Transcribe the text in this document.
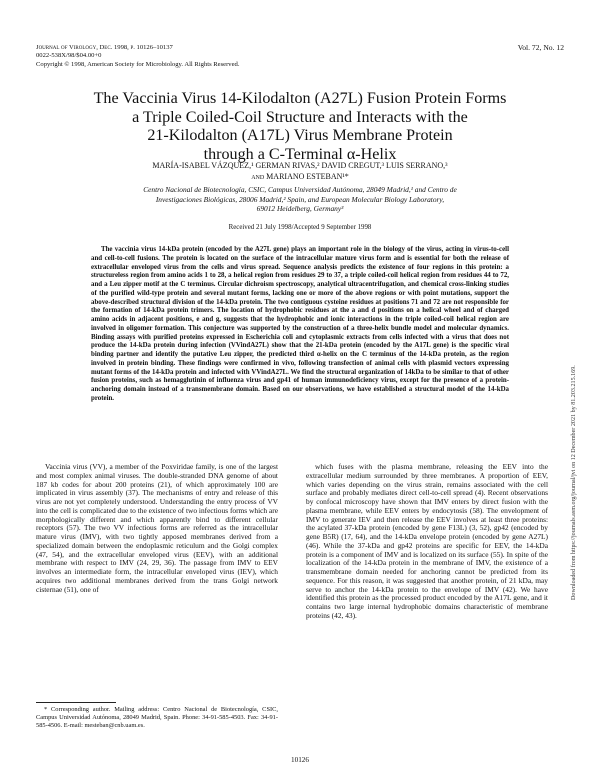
Journal of Virology, Dec. 1998, p. 10126–10137
0022-538X/98/$04.00+0
Copyright © 1998, American Society for Microbiology. All Rights Reserved.
Vol. 72, No. 12
The Vaccinia Virus 14-Kilodalton (A27L) Fusion Protein Forms
a Triple Coiled-Coil Structure and Interacts with the
21-Kilodalton (A17L) Virus Membrane Protein
through a C-Terminal α-Helix
MARÍA-ISABEL VÁZQUEZ,¹ GERMAN RIVAS,² DAVID CREGUT,³ LUIS SERRANO,³
and MARIANO ESTEBAN¹*
Centro Nacional de Biotecnología, CSIC, Campus Universidad Autónoma, 28049 Madrid,¹ and Centro de
Investigaciones Biológicas, 28006 Madrid,² Spain, and European Molecular Biology Laboratory,
69012 Heidelberg, Germany³
Received 21 July 1998/Accepted 9 September 1998

The vaccinia virus 14-kDa protein (encoded by the A27L gene) plays an important role in the biology of the virus, acting in virus-to-cell and cell-to-cell fusions. The protein is located on the surface of the intracellular mature virus form and is essential for both the release of extracellular enveloped virus from the cells and virus spread. Sequence analysis predicts the existence of four regions in this protein: a structureless region from amino acids 1 to 28, a helical region from residues 29 to 37, a triple coiled-coil helical region from residues 44 to 72, and a Leu zipper motif at the C terminus. Circular dichroism spectroscopy, analytical ultracentrifugation, and chemical cross-linking studies of the purified wild-type protein and several mutant forms, lacking one or more of the above regions or with point mutations, support the above-described structural division of the 14-kDa protein. The two contiguous cysteine residues at positions 71 and 72 are not responsible for the formation of 14-kDa protein trimers. The location of hydrophobic residues at the a and d positions on a helical wheel and of charged amino acids in adjacent positions, e and g, suggests that the hydrophobic and ionic interactions in the triple coiled-coil helical region are involved in oligomer formation. This conjecture was supported by the construction of a three-helix bundle model and molecular dynamics. Binding assays with purified proteins expressed in Escherichia coli and cytoplasmic extracts from cells infected with a virus that does not produce the 14-kDa protein during infection (VVindA27L) show that the 21-kDa protein (encoded by the A17L gene) is the specific viral binding partner and identify the putative Leu zipper, the predicted third α-helix on the C terminus of the 14-kDa protein, as the region involved in protein binding. These findings were confirmed in vivo, following transfection of animal cells with plasmid vectors expressing mutant forms of the 14-kDa protein and infected with VVindA27L. We find the structural organization of 14kDa to be similar to that of other fusion proteins, such as hemagglutinin of influenza virus and gp41 of human immunodeficiency virus, except for the presence of a protein-anchoring domain instead of a transmembrane domain. Based on our observations, we have established a structural model of the 14-kDa protein.

Vaccinia virus (VV), a member of the Poxviridae family, is one of the largest and most complex animal viruses. The double-stranded DNA genome of about 187 kb codes for about 200 proteins (21), of which approximately 100 are implicated in virus assembly (37). The mechanisms of entry and release of this virus are not yet completely understood. Understanding the entry process of VV into the cell is complicated due to the existence of two infectious forms which are morphologically different and which apparently bind to different cellular receptors (57). The two VV infectious forms are referred as the intracellular mature virus (IMV), with two tightly apposed membranes derived from a specialized domain between the endoplasmic reticulum and the Golgi complex (47, 54), and the extracellular enveloped virus (EEV), with an additional membrane with respect to IMV (24, 29, 36). The passage from IMV to EEV involves an intermediate form, the intracellular enveloped virus (IEV), which acquires two additional membranes derived from the trans Golgi network cisternae (51), one of

which fuses with the plasma membrane, releasing the EEV into the extracellular medium surrounded by three membranes. A proportion of EEV, which varies depending on the virus strain, remains associated with the cell surface and probably mediates direct cell-to-cell spread (4). Recent observations by confocal microscopy have shown that IMV enters by direct fusion with the plasma membrane, while EEV enters by endocytosis (58). The envelopment of IMV to generate IEV and then release the EEV involves at least three proteins: the acylated 37-kDa protein (encoded by gene F13L) (3, 52), gp42 (encoded by gene B5R) (17, 64), and the 14-kDa envelope protein (encoded by gene A27L) (46). While the 37-kDa and gp42 proteins are specific for EEV, the 14-kDa protein is a component of IMV and is localized on its surface (55). In spite of the localization of the 14-kDa protein in the membrane of IMV, the existence of a transmembrane domain needed for anchoring cannot be predicted from its sequence. For this reason, it was suggested that another protein, of 21 kDa, may serve to anchor the 14-kDa protein to the envelope of IMV (42). We have identified this protein as the processed product encoded by the A17L gene, and it contains two large internal hydrophobic domains characteristic of membrane proteins (42, 43).

* Corresponding author. Mailing address: Centro Nacional de Biotecnología, CSIC, Campus Universidad Autónoma, 28049 Madrid, Spain. Phone: 34-91-585-4503. Fax: 34-91-585-4506. E-mail: mesteban@cnb.uam.es.
10126
Downloaded from https://journals.asm.org/journal/jvi on 12 December 2021 by 81.203.215.169.
